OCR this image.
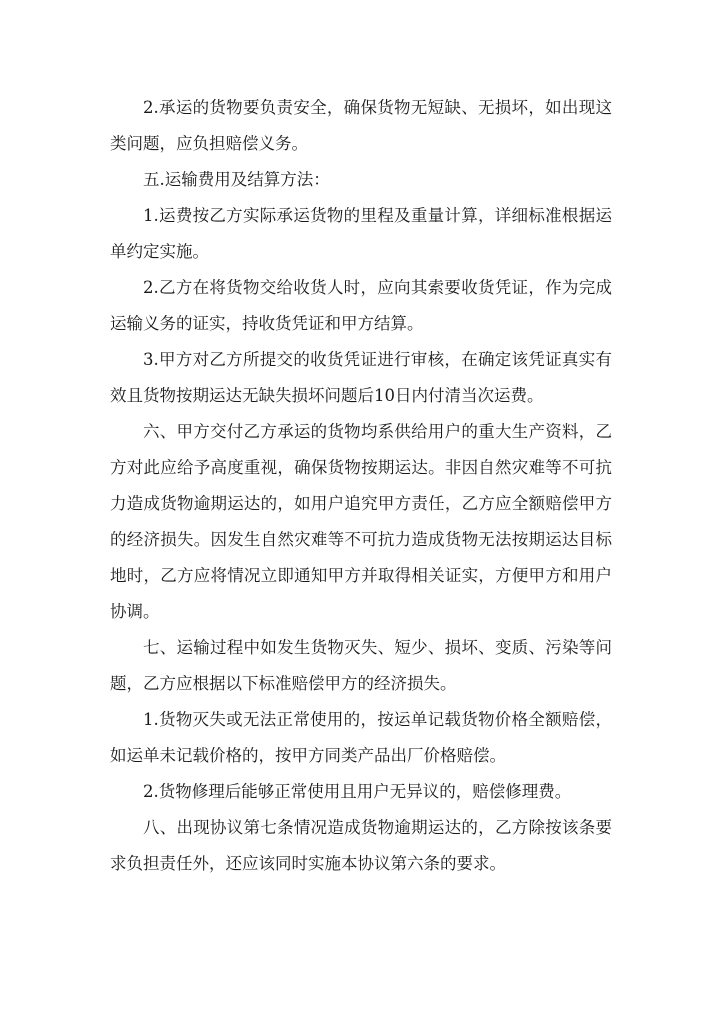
2.承运的货物要负责安全，确保货物无短缺、无损坏，如出现这类问题，应负担赔偿义务。

五.运输费用及结算方法：

1.运费按乙方实际承运货物的里程及重量计算，详细标准根据运单约定实施。

2.乙方在将货物交给收货人时，应向其索要收货凭证，作为完成运输义务的证实，持收货凭证和甲方结算。

3.甲方对乙方所提交的收货凭证进行审核，在确定该凭证真实有效且货物按期运达无缺失损坏问题后10日内付清当次运费。

六、甲方交付乙方承运的货物均系供给用户的重大生产资料，乙方对此应给予高度重视，确保货物按期运达。非因自然灾难等不可抗力造成货物逾期运达的，如用户追究甲方责任，乙方应全额赔偿甲方的经济损失。因发生自然灾难等不可抗力造成货物无法按期运达目标地时，乙方应将情况立即通知甲方并取得相关证实，方便甲方和用户协调。

七、运输过程中如发生货物灭失、短少、损坏、变质、污染等问题，乙方应根据以下标准赔偿甲方的经济损失。

1.货物灭失或无法正常使用的，按运单记载货物价格全额赔偿，如运单未记载价格的，按甲方同类产品出厂价格赔偿。

2.货物修理后能够正常使用且用户无异议的，赔偿修理费。

八、出现协议第七条情况造成货物逾期运达的，乙方除按该条要求负担责任外，还应该同时实施本协议第六条的要求。
